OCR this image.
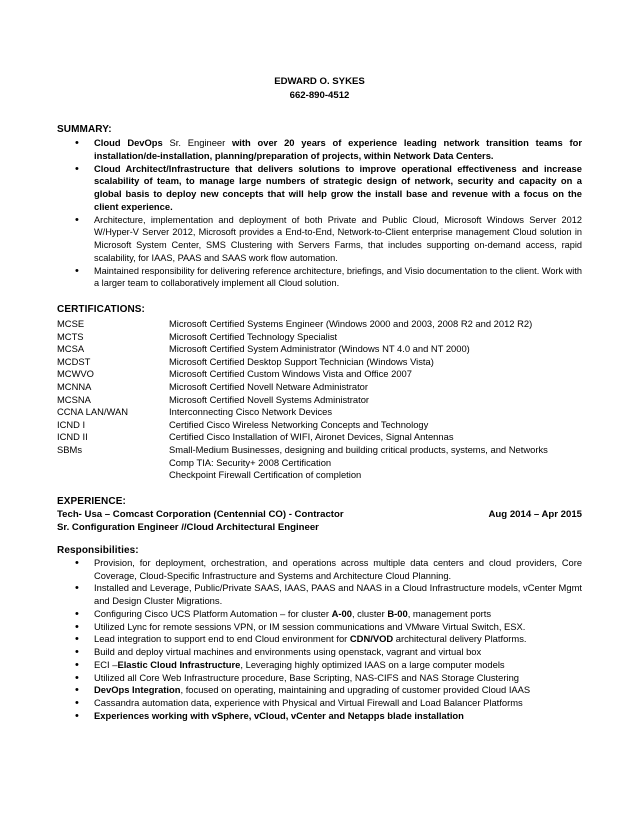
EDWARD O. SYKES
662-890-4512
SUMMARY:
• Cloud DevOps Sr. Engineer with over 20 years of experience leading network transition teams for installation/de-installation, planning/preparation of projects, within Network Data Centers.
• Cloud Architect/Infrastructure that delivers solutions to improve operational effectiveness and increase scalability of team, to manage large numbers of strategic design of network, security and capacity on a global basis to deploy new concepts that will help grow the install base and revenue with a focus on the client experience.
• Architecture, implementation and deployment of both Private and Public Cloud, Microsoft Windows Server 2012 W/Hyper-V Server 2012, Microsoft provides a End-to-End, Network-to-Client enterprise management Cloud solution in Microsoft System Center, SMS Clustering with Servers Farms, that includes supporting on-demand access, rapid scalability, for IAAS, PAAS and SAAS work flow automation.
• Maintained responsibility for delivering reference architecture, briefings, and Visio documentation to the client. Work with a larger team to collaboratively implement all Cloud solution.
CERTIFICATIONS:
MCSE	Microsoft Certified Systems Engineer (Windows 2000 and 2003, 2008 R2 and 2012 R2)
MCTS	Microsoft Certified Technology Specialist
MCSA	Microsoft Certified System Administrator (Windows NT 4.0 and NT 2000)
MCDST	Microsoft Certified Desktop Support Technician (Windows Vista)
MCWVO	Microsoft Certified Custom Windows Vista and Office 2007
MCNNA	Microsoft Certified Novell Netware Administrator
MCSNA	Microsoft Certified Novell Systems Administrator
CCNA LAN/WAN	Interconnecting Cisco Network Devices
ICND I	Certified Cisco Wireless Networking Concepts and Technology
ICND II	Certified Cisco Installation of WIFI, Aironet Devices, Signal Antennas
SBMs	Small-Medium Businesses, designing and building critical products, systems, and Networks
Comp TIA: Security+ 2008 Certification
Checkpoint Firewall Certification of completion
EXPERIENCE:
Tech- Usa – Comcast Corporation (Centennial CO) - Contractor	Aug 2014 – Apr 2015
Sr. Configuration Engineer //Cloud Architectural Engineer
Responsibilities:
• Provision, for deployment, orchestration, and operations across multiple data centers and cloud providers, Core Coverage, Cloud-Specific Infrastructure and Systems and Architecture Cloud Planning.
• Installed and Leverage, Public/Private SAAS, IAAS, PAAS and NAAS in a Cloud Infrastructure models, vCenter Mgmt and Design Cluster Migrations.
• Configuring Cisco UCS Platform Automation – for cluster A-00, cluster B-00, management ports
• Utilized Lync for remote sessions VPN, or IM session communications and VMware Virtual Switch, ESX.
• Lead integration to support end to end Cloud environment for CDN/VOD architectural delivery Platforms.
• Build and deploy virtual machines and environments using openstack, vagrant and virtual box
• ECI –Elastic Cloud Infrastructure, Leveraging highly optimized IAAS on a large computer models
• Utilized all Core Web Infrastructure procedure, Base Scripting, NAS-CIFS and NAS Storage Clustering
• DevOps Integration, focused on operating, maintaining and upgrading of customer provided Cloud IAAS
• Cassandra automation data, experience with Physical and Virtual Firewall and Load Balancer Platforms
• Experiences working with vSphere, vCloud, vCenter and Netapps blade installation
